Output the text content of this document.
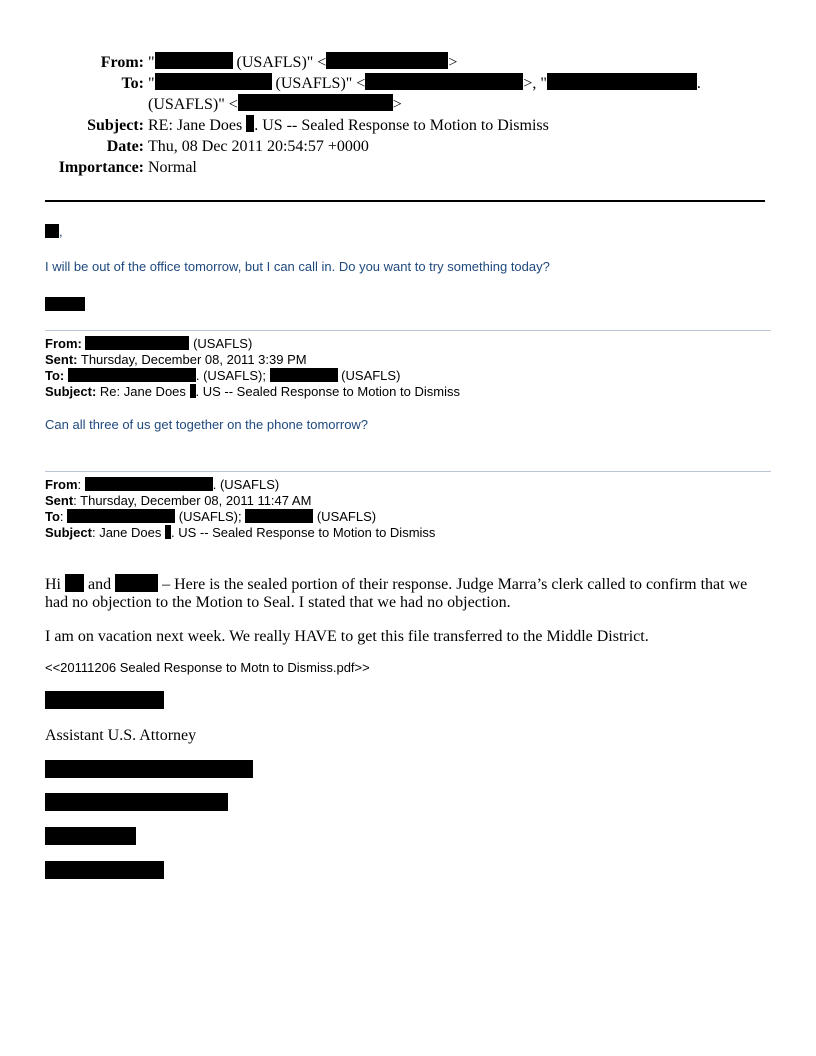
From: "	(USAFLS)" <	>
To: "	(USAFLS)" <	>, "	.
(USAFLS)" <	>
Subject: RE: Jane Does . US -- Sealed Response to Motion to Dismiss
Date: Thu, 08 Dec 2011 20:54:57 +0000
Importance: Normal
,
I will be out of the office tomorrow, but I can call in. Do you want to try something today?
From:	(USAFLS)
Sent: Thursday, December 08, 2011 3:39 PM
To:	. (USAFLS);	(USAFLS)
Subject: Re: Jane Does . US -- Sealed Response to Motion to Dismiss
Can all three of us get together on the phone tomorrow?
From:	. (USAFLS)
Sent: Thursday, December 08, 2011 11:47 AM
To:	(USAFLS);	(USAFLS)
Subject: Jane Does . US -- Sealed Response to Motion to Dismiss
Hi  and	– Here is the sealed portion of their response. Judge Marra’s clerk called to confirm that we
had no objection to the Motion to Seal. I stated that we had no objection.
I am on vacation next week. We really HAVE to get this file transferred to the Middle District.
<<20111206 Sealed Response to Motn to Dismiss.pdf>>
Assistant U.S. Attorney
